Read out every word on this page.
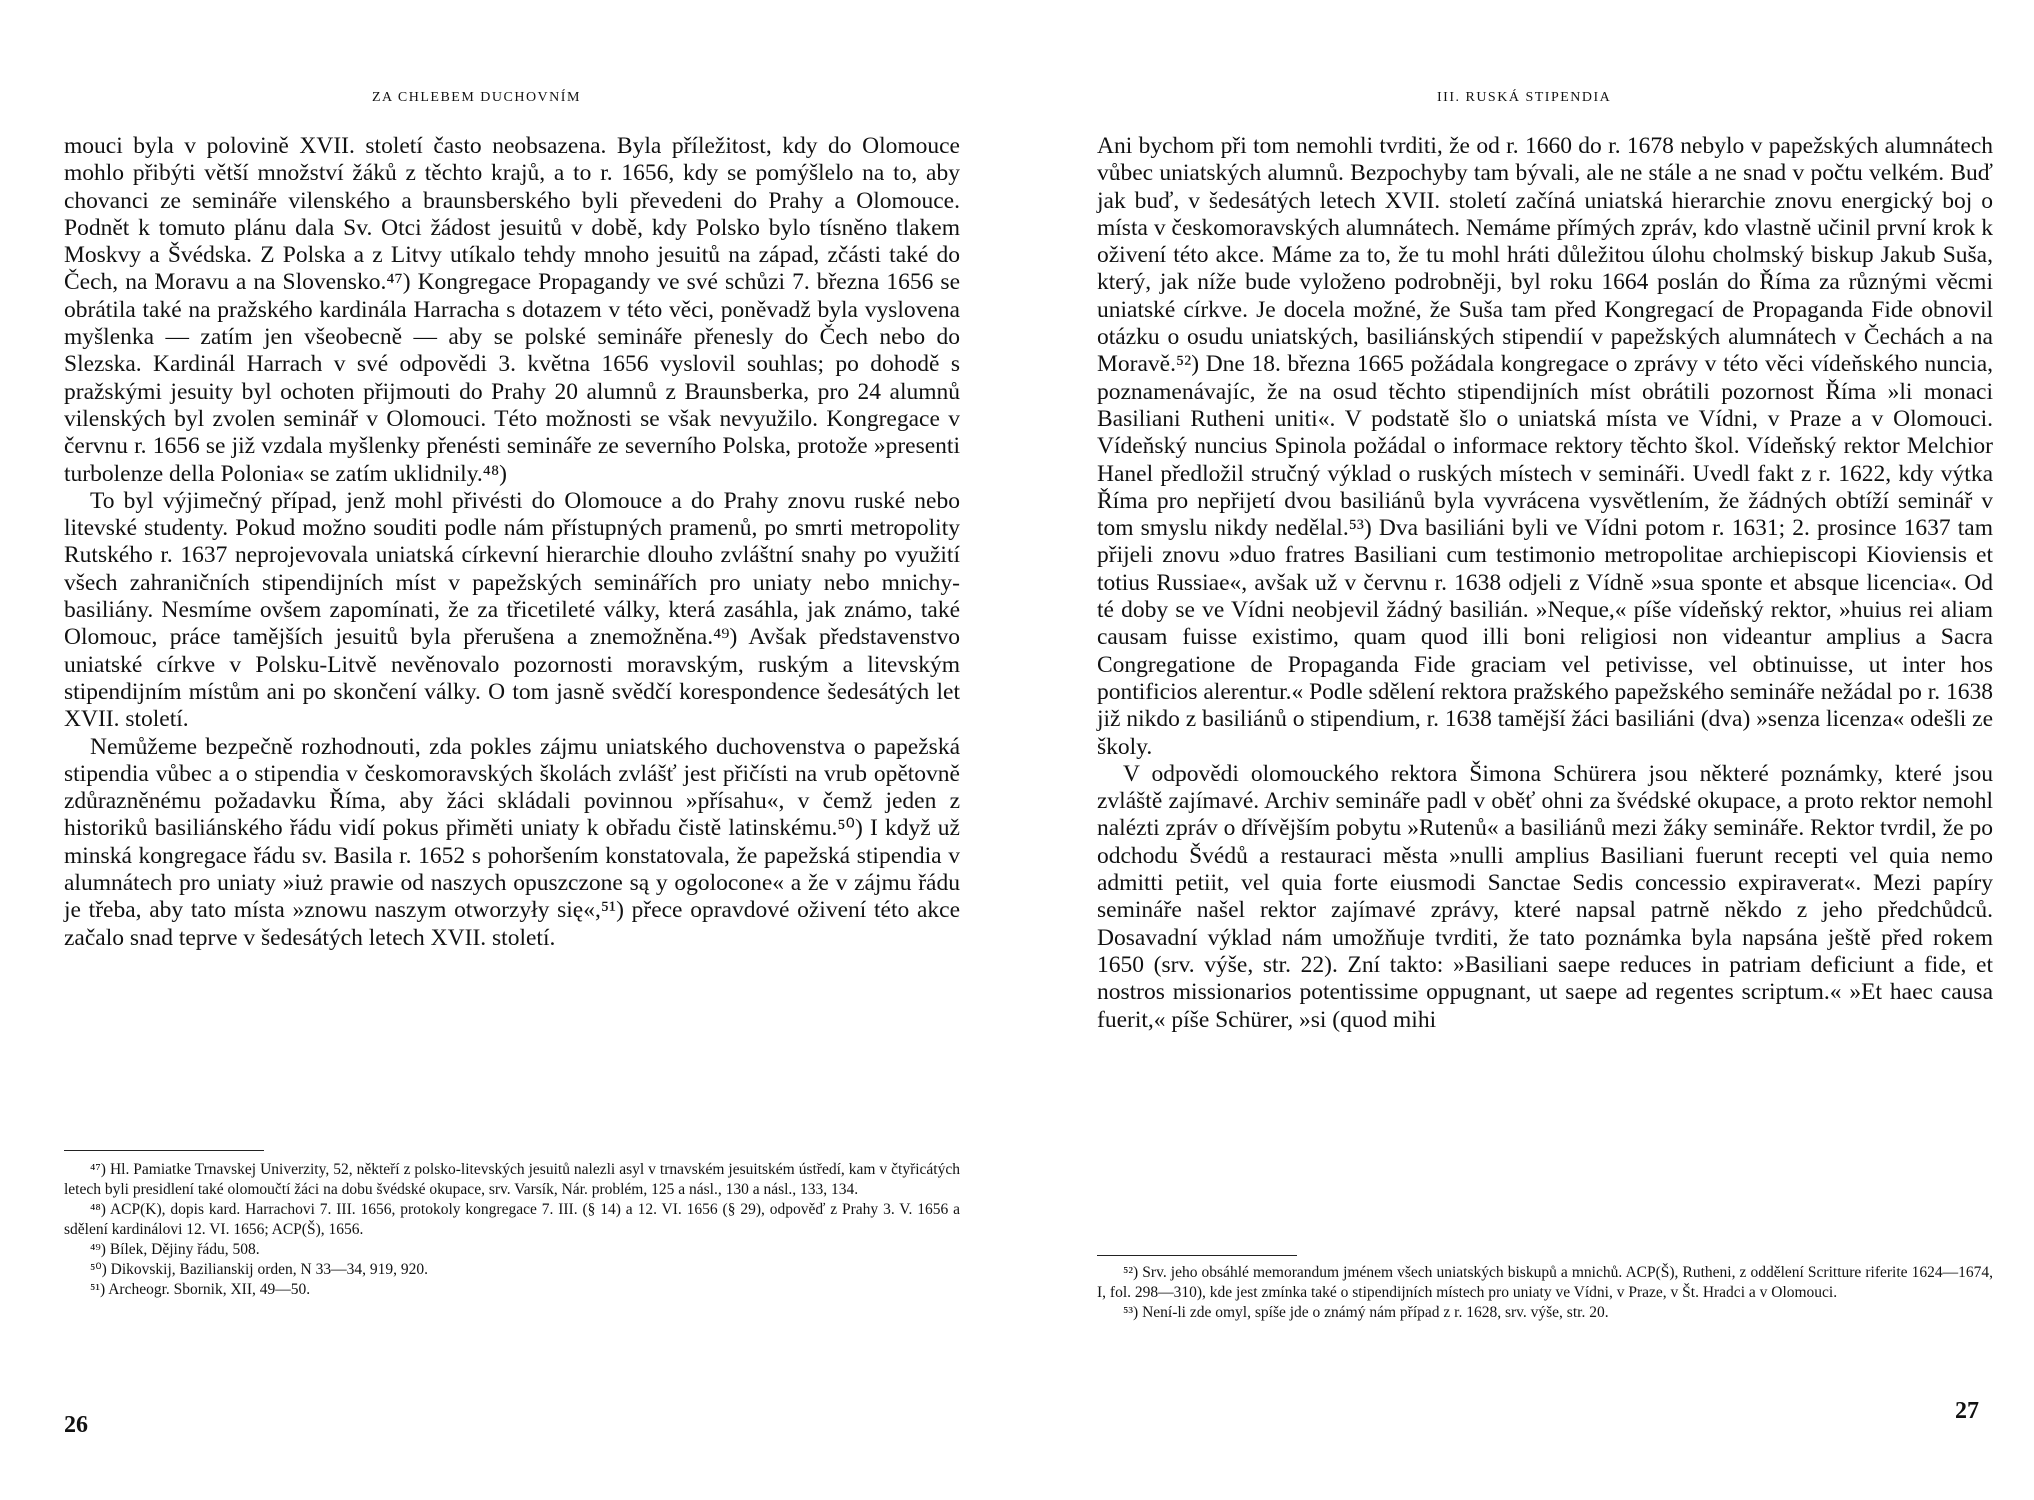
ZA CHLEBEM DUCHOVNÍM

mouci byla v polovině XVII. století často neobsazena. Byla příležitost, kdy do Olomouce mohlo přibýti větší množství žáků z těchto krajů, a to r. 1656, kdy se pomýšlelo na to, aby chovanci ze semináře vilenského a braunsberského byli převedeni do Prahy a Olomouce. Podnět k tomuto plánu dala Sv. Otci žádost jesuitů v době, kdy Polsko bylo tísněno tlakem Moskvy a Švédska. Z Polska a z Litvy utíkalo tehdy mnoho jesuitů na západ, zčásti také do Čech, na Moravu a na Slovensko.⁴⁷) Kongregace Propagandy ve své schůzi 7. března 1656 se obrátila také na pražského kardinála Harracha s dotazem v této věci, poněvadž byla vyslovena myšlenka — zatím jen všeobecně — aby se polské semináře přenesly do Čech nebo do Slezska. Kardinál Harrach v své odpovědi 3. května 1656 vyslovil souhlas; po dohodě s pražskými jesuity byl ochoten přijmouti do Prahy 20 alumnů z Braunsberka, pro 24 alumnů vilenských byl zvolen seminář v Olomouci. Této možnosti se však nevyužilo. Kongregace v červnu r. 1656 se již vzdala myšlenky přenésti semináře ze severního Polska, protože »presenti turbolenze della Polonia« se zatím uklidnily.⁴⁸)

To byl výjimečný případ, jenž mohl přivésti do Olomouce a do Prahy znovu ruské nebo litevské studenty. Pokud možno souditi podle nám přístupných pramenů, po smrti metropolity Rutského r. 1637 neprojevovala uniatská církevní hierarchie dlouho zvláštní snahy po využití všech zahraničních stipendijních míst v papežských seminářích pro uniaty nebo mnichy-basiliány. Nesmíme ovšem zapomínati, že za třicetileté války, která zasáhla, jak známo, také Olomouc, práce tamějších jesuitů byla přerušena a znemožněna.⁴⁹) Avšak představenstvo uniatské církve v Polsku-Litvě nevěnovalo pozornosti moravským, ruským a litevským stipendijním místům ani po skončení války. O tom jasně svědčí korespondence šedesátých let XVII. století.

Nemůžeme bezpečně rozhodnouti, zda pokles zájmu uniatského duchovenstva o papežská stipendia vůbec a o stipendia v českomoravských školách zvlášť jest přičísti na vrub opětovně zdůrazněnému požadavku Říma, aby žáci skládali povinnou »přísahu«, v čemž jeden z historiků basiliánského řádu vidí pokus přiměti uniaty k obřadu čistě latinskému.⁵⁰) I když už minská kongregace řádu sv. Basila r. 1652 s pohoršením konstatovala, že papežská stipendia v alumnátech pro uniaty »iuż prawie od naszych opuszczone są y ogolocone« a že v zájmu řádu je třeba, aby tato místa »znowu naszym otworzyły się«,⁵¹) přece opravdové oživení této akce začalo snad teprve v šedesátých letech XVII. století.

⁴⁷) Hl. Pamiatke Trnavskej Univerzity, 52, někteří z polsko-litevských jesuitů nalezli asyl v trnavském jesuitském ústředí, kam v čtyřicátých letech byli presidlení také olomoučtí žáci na dobu švédské okupace, srv. Varsík, Nár. problém, 125 a násl., 130 a násl., 133, 134.

⁴⁸) ACP(K), dopis kard. Harrachovi 7. III. 1656, protokoly kongregace 7. III. (§ 14) a 12. VI. 1656 (§ 29), odpověď z Prahy 3. V. 1656 a sdělení kardinálovi 12. VI. 1656; ACP(Š), 1656.

⁴⁹) Bílek, Dějiny řádu, 508.

⁵⁰) Dikovskij, Bazilianskij orden, N 33—34, 919, 920.

⁵¹) Archeogr. Sbornik, XII, 49—50.

26
III. RUSKÁ STIPENDIA

Ani bychom při tom nemohli tvrditi, že od r. 1660 do r. 1678 nebylo v papežských alumnátech vůbec uniatských alumnů. Bezpochyby tam bývali, ale ne stále a ne snad v počtu velkém. Buď jak buď, v šedesátých letech XVII. století začíná uniatská hierarchie znovu energický boj o místa v českomoravských alumnátech. Nemáme přímých zpráv, kdo vlastně učinil první krok k oživení této akce. Máme za to, že tu mohl hráti důležitou úlohu cholmský biskup Jakub Suša, který, jak níže bude vyloženo podrobněji, byl roku 1664 poslán do Říma za různými věcmi uniatské církve. Je docela možné, že Suša tam před Kongregací de Propaganda Fide obnovil otázku o osudu uniatských, basiliánských stipendií v papežských alumnátech v Čechách a na Moravě.⁵²) Dne 18. března 1665 požádala kongregace o zprávy v této věci vídeňského nuncia, poznamenávajíc, že na osud těchto stipendijních míst obrátili pozornost Říma »li monaci Basiliani Rutheni uniti«. V podstatě šlo o uniatská místa ve Vídni, v Praze a v Olomouci. Vídeňský nuncius Spinola požádal o informace rektory těchto škol. Vídeňský rektor Melchior Hanel předložil stručný výklad o ruských místech v semináři. Uvedl fakt z r. 1622, kdy výtka Říma pro nepřijetí dvou basiliánů byla vyvrácena vysvětlením, že žádných obtíží seminář v tom smyslu nikdy nedělal.⁵³) Dva basiliáni byli ve Vídni potom r. 1631; 2. prosince 1637 tam přijeli znovu »duo fratres Basiliani cum testimonio metropolitae archiepiscopi Kioviensis et totius Russiae«, avšak už v červnu r. 1638 odjeli z Vídně »sua sponte et absque licencia«. Od té doby se ve Vídni neobjevil žádný basilián. »Neque,« píše vídeňský rektor, »huius rei aliam causam fuisse existimo, quam quod illi boni religiosi non videantur amplius a Sacra Congregatione de Propaganda Fide graciam vel petivisse, vel obtinuisse, ut inter hos pontificios alerentur.« Podle sdělení rektora pražského papežského semináře nežádal po r. 1638 již nikdo z basiliánů o stipendium, r. 1638 tamější žáci basiliáni (dva) »senza licenza« odešli ze školy.

V odpovědi olomouckého rektora Šimona Schürera jsou některé poznámky, které jsou zvláště zajímavé. Archiv semináře padl v oběť ohni za švédské okupace, a proto rektor nemohl nalézti zpráv o dřívějším pobytu »Rutenů« a basiliánů mezi žáky semináře. Rektor tvrdil, že po odchodu Švédů a restauraci města »nulli amplius Basiliani fuerunt recepti vel quia nemo admitti petiit, vel quia forte eiusmodi Sanctae Sedis concessio expiraverat«. Mezi papíry semináře našel rektor zajímavé zprávy, které napsal patrně někdo z jeho předchůdců. Dosavadní výklad nám umožňuje tvrditi, že tato poznámka byla napsána ještě před rokem 1650 (srv. výše, str. 22). Zní takto: »Basiliani saepe reduces in patriam deficiunt a fide, et nostros missionarios potentissime oppugnant, ut saepe ad regentes scriptum.« »Et haec causa fuerit,« píše Schürer, »si (quod mihi

⁵²) Srv. jeho obsáhlé memorandum jménem všech uniatských biskupů a mnichů. ACP(Š), Rutheni, z oddělení Scritture riferite 1624—1674, I, fol. 298—310), kde jest zmínka také o stipendijních místech pro uniaty ve Vídni, v Praze, v Št. Hradci a v Olomouci.

⁵³) Není-li zde omyl, spíše jde o známý nám případ z r. 1628, srv. výše, str. 20.

27
